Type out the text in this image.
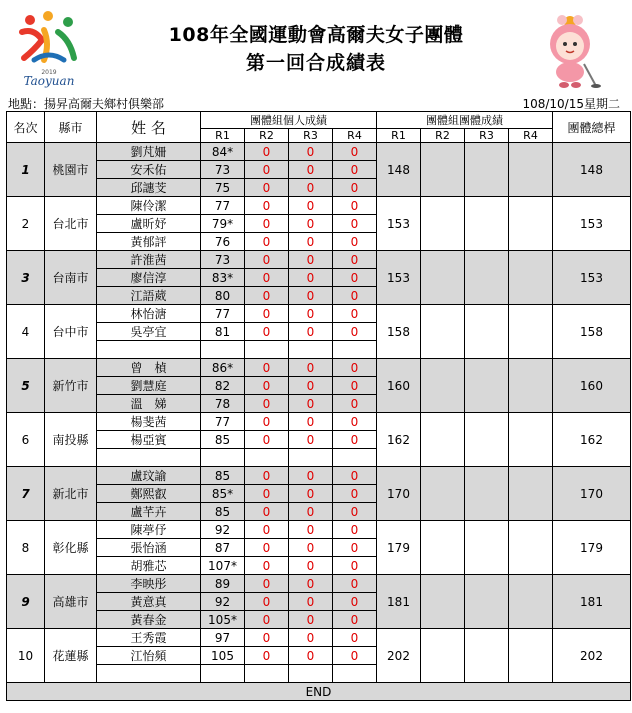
2019
Taoyuan
108年全國運動會高爾夫女子團體
第一回合成績表
地點：揚昇高爾夫鄉村俱樂部	108/10/15星期二
名次	縣市	姓 名	團體組個人成績				團體組團體成績				團體總桿
			R1	R2	R3	R4	R1	R2	R3	R4	
1	桃園市	劉芃姍	84*	0	0	0	148				148
		安禾佑	73	0	0	0					
		邱譓芠	75	0	0	0					
2	台北市	陳伶潔	77	0	0	0	153				153
		盧昕妤	79*	0	0	0					
		黃郁評	76	0	0	0					
3	台南市	許淮茜	73	0	0	0	153				153
		廖信淳	83*	0	0	0					
		江語葳	80	0	0	0					
4	台中市	林怡溏	77	0	0	0	158				158
		吳亭宜	81	0	0	0					

5	新竹市	曾　楨	86*	0	0	0	160				160
		劉慧庭	82	0	0	0					
		溫　娣	78	0	0	0					
6	南投縣	楊斐茜	77	0	0	0	162				162
		楊亞賓	85	0	0	0					

7	新北市	盧玟諭	85	0	0	0	170				170
		鄭熙叡	85*	0	0	0					
		盧芊卉	85	0	0	0					
8	彰化縣	陳葶伃	92	0	0	0	179				179
		張怡涵	87	0	0	0					
		胡雅芯	107*	0	0	0					
9	高雄市	李映彤	89	0	0	0	181				181
		黃意真	92	0	0	0					
		黃春金	105*	0	0	0					
10	花蓮縣	王秀霞	97	0	0	0	202				202
		江怡頻	105	0	0	0					

END											
